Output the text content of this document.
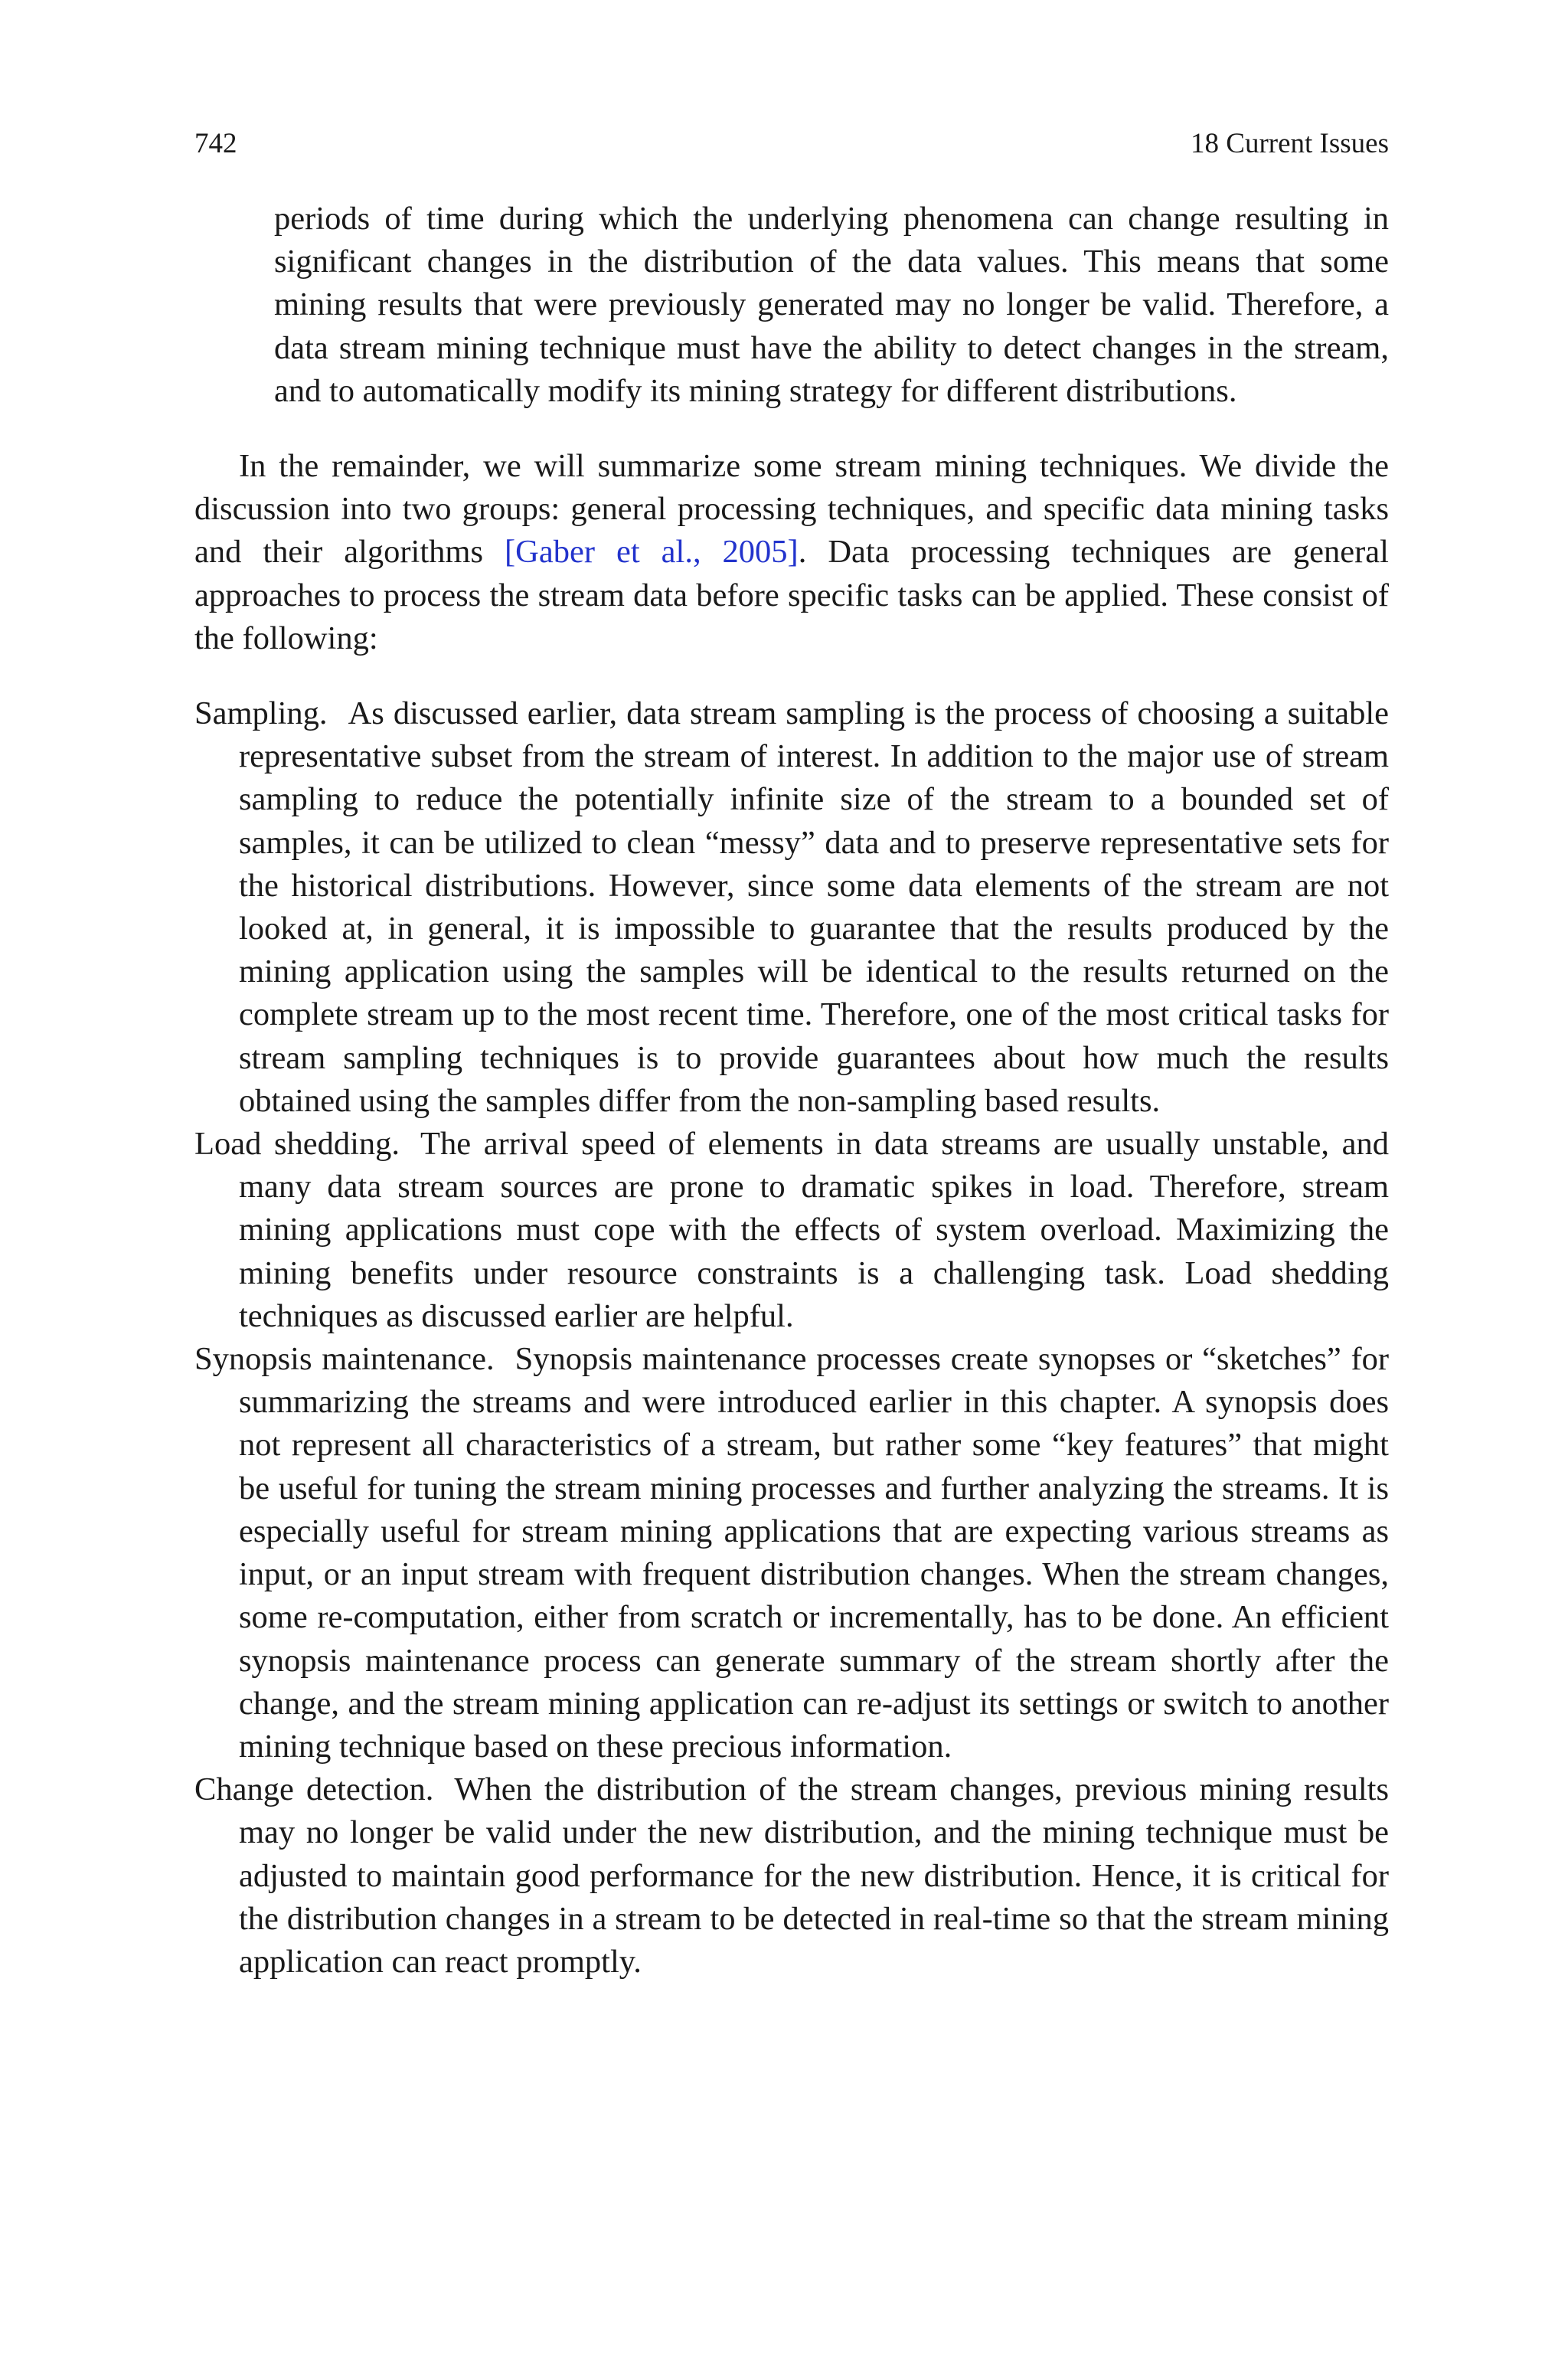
742	18 Current Issues

periods of time during which the underlying phenomena can change resulting in significant changes in the distribution of the data values. This means that some mining results that were previously generated may no longer be valid. Therefore, a data stream mining technique must have the ability to detect changes in the stream, and to automatically modify its mining strategy for different distributions.

In the remainder, we will summarize some stream mining techniques. We divide the discussion into two groups: general processing techniques, and specific data mining tasks and their algorithms [Gaber et al., 2005]. Data processing techniques are general approaches to process the stream data before specific tasks can be applied. These consist of the following:

Sampling. As discussed earlier, data stream sampling is the process of choosing a suitable representative subset from the stream of interest. In addition to the major use of stream sampling to reduce the potentially infinite size of the stream to a bounded set of samples, it can be utilized to clean “messy” data and to preserve representative sets for the historical distributions. However, since some data elements of the stream are not looked at, in general, it is impossible to guarantee that the results produced by the mining application using the samples will be identical to the results returned on the complete stream up to the most recent time. Therefore, one of the most critical tasks for stream sampling techniques is to provide guarantees about how much the results obtained using the samples differ from the non-sampling based results.

Load shedding. The arrival speed of elements in data streams are usually unstable, and many data stream sources are prone to dramatic spikes in load. Therefore, stream mining applications must cope with the effects of system overload. Maximizing the mining benefits under resource constraints is a challenging task. Load shedding techniques as discussed earlier are helpful.

Synopsis maintenance. Synopsis maintenance processes create synopses or “sketches” for summarizing the streams and were introduced earlier in this chapter. A synopsis does not represent all characteristics of a stream, but rather some “key features” that might be useful for tuning the stream mining processes and further analyzing the streams. It is especially useful for stream mining applications that are expecting various streams as input, or an input stream with frequent distribution changes. When the stream changes, some re-computation, either from scratch or incrementally, has to be done. An efficient synopsis maintenance process can generate summary of the stream shortly after the change, and the stream mining application can re-adjust its settings or switch to another mining technique based on these precious information.

Change detection. When the distribution of the stream changes, previous mining results may no longer be valid under the new distribution, and the mining technique must be adjusted to maintain good performance for the new distribution. Hence, it is critical for the distribution changes in a stream to be detected in real-time so that the stream mining application can react promptly.
